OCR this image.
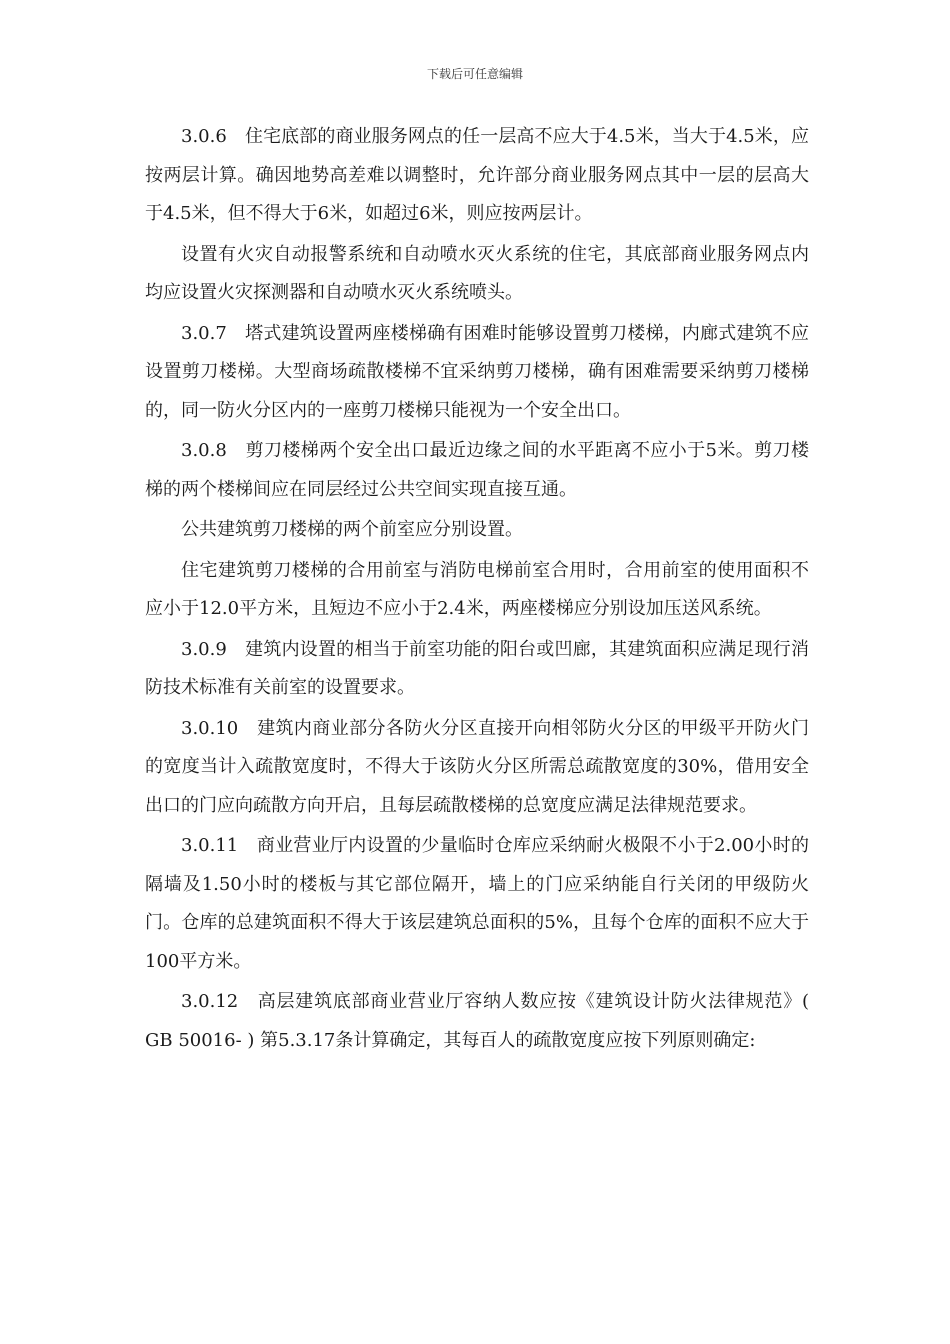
下载后可任意编辑

3.0.6　住宅底部的商业服务网点的任一层高不应大于4.5米，当大于4.5米，应按两层计算。确因地势高差难以调整时，允许部分商业服务网点其中一层的层高大于4.5米，但不得大于6米，如超过6米，则应按两层计。

设置有火灾自动报警系统和自动喷水灭火系统的住宅，其底部商业服务网点内均应设置火灾探测器和自动喷水灭火系统喷头。

3.0.7　塔式建筑设置两座楼梯确有困难时能够设置剪刀楼梯，内廊式建筑不应设置剪刀楼梯。大型商场疏散楼梯不宜采纳剪刀楼梯，确有困难需要采纳剪刀楼梯的，同一防火分区内的一座剪刀楼梯只能视为一个安全出口。

3.0.8　剪刀楼梯两个安全出口最近边缘之间的水平距离不应小于5米。剪刀楼梯的两个楼梯间应在同层经过公共空间实现直接互通。

公共建筑剪刀楼梯的两个前室应分别设置。

住宅建筑剪刀楼梯的合用前室与消防电梯前室合用时，合用前室的使用面积不应小于12.0平方米，且短边不应小于2.4米，两座楼梯应分别设加压送风系统。

3.0.9　建筑内设置的相当于前室功能的阳台或凹廊，其建筑面积应满足现行消防技术标准有关前室的设置要求。

3.0.10　建筑内商业部分各防火分区直接开向相邻防火分区的甲级平开防火门的宽度当计入疏散宽度时，不得大于该防火分区所需总疏散宽度的30%，借用安全出口的门应向疏散方向开启，且每层疏散楼梯的总宽度应满足法律规范要求。

3.0.11　商业营业厅内设置的少量临时仓库应采纳耐火极限不小于2.00小时的隔墙及1.50小时的楼板与其它部位隔开，墙上的门应采纳能自行关闭的甲级防火门。仓库的总建筑面积不得大于该层建筑总面积的5%，且每个仓库的面积不应大于100平方米。

3.0.12　高层建筑底部商业营业厅容纳人数应按《建筑设计防火法律规范》( GB 50016- ) 第5.3.17条计算确定，其每百人的疏散宽度应按下列原则确定:
